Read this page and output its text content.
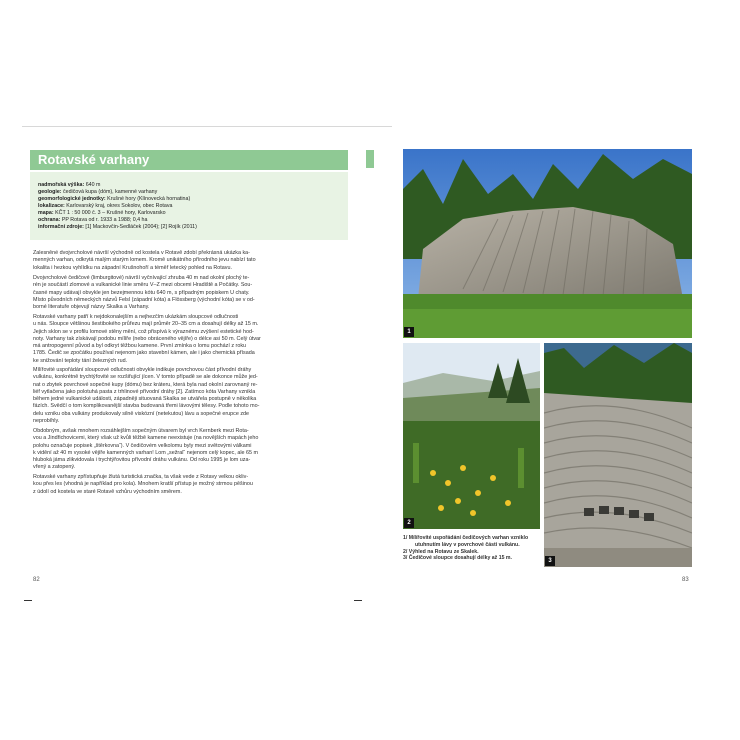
Rotavské varhany
nadmořská výška: 640 m
geologie: čedičová kupa (dóm), kamenné varhany
geomorfologické jednotky: Krušné hory (Klínovecká hornatina)
lokalizace: Karlovarský kraj, okres Sokolov, obec Rotava
mapa: KČT 1 : 50 000 č. 3 – Krušné hory, Karlovarsko
ochrana: PP Rotava od r. 1933 a 1988; 0,4 ha
informační zdroje: [1] Mackovčin-Sedláček (2004); [2] Rojík (2011)
Zalesněné dvojvrcholové návrší východně od kostela v Rotavě zdobí překrásná ukázka ka-
menných varhan, odkrytá malým starým lomem. Kromě unikátního přírodního jevu nabízí tato
lokalita i hezkou vyhlídku na západní Krušnohoří a téměř letecký pohled na Rotavu.
Dvojvrcholové čedičové (limburgitové) návrší vyčnívající zhruba 40 m nad okolní plochý te-
rén je součástí zlomové a vulkanické linie směru V–Z mezi obcemi Hradiště a Počátky. Sou-
časné mapy udávají obvykle jen bezejmennou kótu 640 m, s případným popiskem U chaty.
Místo původních německých názvů Felsl (západní kóta) a Flössberg (východní kóta) se v od-
borné literatuře objevují názvy Skalka a Varhany.
Rotavské varhany patří k nejdokonalejším a nejhezčím ukázkám sloupcové odlučnosti
u nás. Sloupce většinou šestibokého průřezu mají průměr 20–35 cm a dosahují délky až 15 m.
Jejich sklon se v profilu lomové stěny mění, což přispívá k výraznému zvýšení estetické hod-
noty. Varhany tak získávají podobu mílíře (nebo obráceného vějíře) o délce asi 50 m. Celý útvar
má antropogenní původ a byl odkryt těžbou kamene. První zmínka o lomu pochází z roku
1785. Čedič se zpočátku používal nejenom jako stavební kámen, ale i jako chemická přísada
ke snižování teploty tání železných rud.
Mílířovité uspořádání sloupcové odlučnosti obvykle indikuje povrchovou část přívodní dráhy
vulkánu, konkrétně trychtýřovité se rozšiřující jícen. V tomto případě se ale dokonce může jed-
nat o zbytek povrchové sopečné kupy (dómu) bez kráteru, která byla nad okolní zarovnaný re-
liéf vytlačena jako polotuhá pasta z trhlinové přívodní dráhy [2]. Zatímco kóta Varhany vznikla
během jedné vulkanické události, západněji situovaná Skalka se utvářela postupně v několika
fázích. Svědčí o tom komplikovanější stavba budovaná třemi lávovými tělesy. Podle tohoto mo-
delu vzniku oba vulkány produkovaly silně viskózní (netekutou) lávu a sopečné erupce zde
neprobíhly.
Obdobným, avšak mnohem rozsáhlejším sopečným útvarem byl vrch Kernberk mezi Rota-
vou a Jindřichovicemi, který však už kvůli těžbě kamene neexistuje (na novějších mapách jeho
polohu označuje popisek „štěrkovna“). V čedičovém velkolomu byly mezi světovými válkami
k vidění až 40 m vysoké vějíře kamenných varhan! Lom „sežral“ nejenom celý kopec, ale 65 m
hluboká jáma zlikvidovala i trychtýřovitou přívodní dráhu vulkánu. Od roku 1995 je lom uza-
vřený a zatopený.
Rotavské varhany zpřístupňuje žlutá turistická značka, ta však vede z Rotavy velkou okliv-
kou přes les (vhodná je například pro kola). Mnohem kratší přístup je možný strmou pěšinou
z údolí od kostela ve staré Rotavě vzhůru východním směrem.
82
1
2
3
1/ Mílířovité uspořádání čedičových varhan vzniklo
utuhnutím lávy v povrchové části vulkánu.
2/ Výhled na Rotavu ze Skalek.
3/ Čedičové sloupce dosahují délky až 15 m.
83
